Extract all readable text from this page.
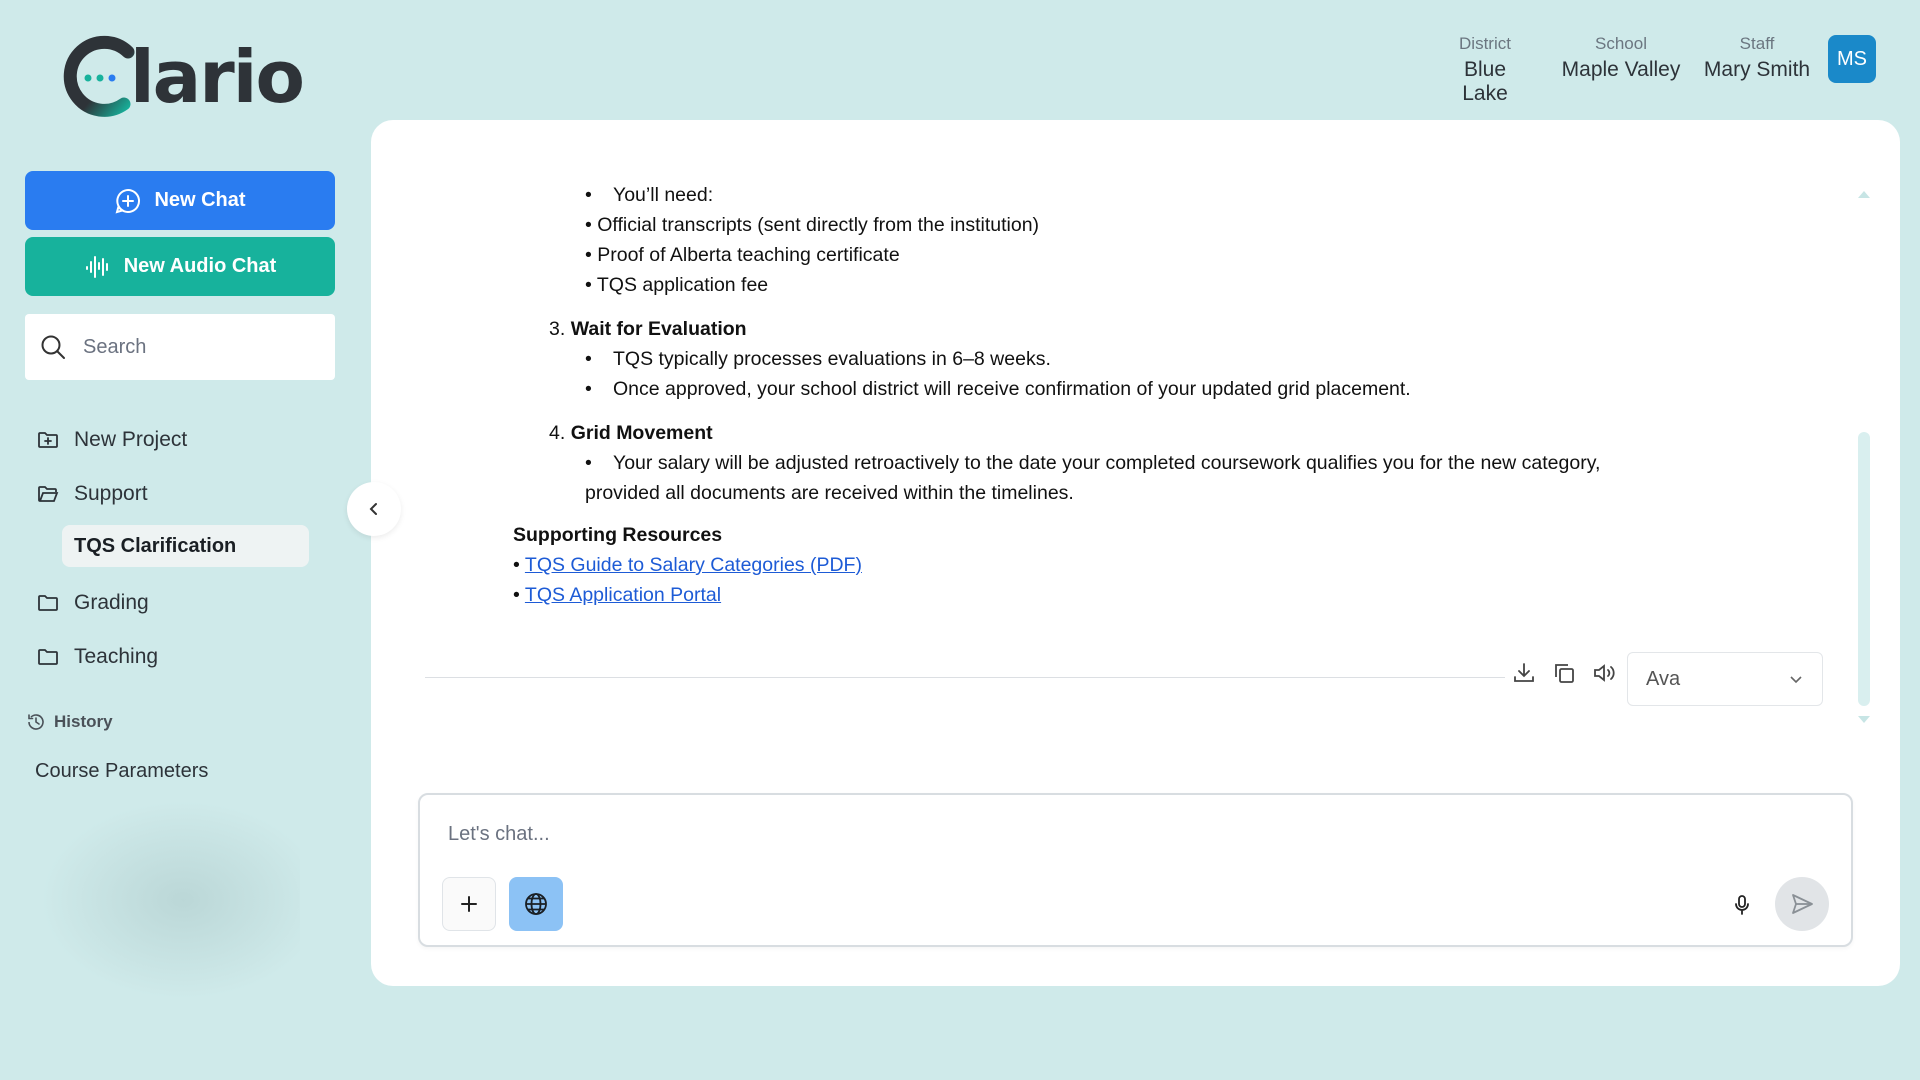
lario
New Chat
New Audio Chat
Search
New Project
Support
TQS Clarification
Grading
Teaching
History
Course Parameters
District
Blue Lake
School
Maple Valley
Staff
Mary Smith	MS
• You’ll need:
• Official transcripts (sent directly from the institution)
• Proof of Alberta teaching certificate
• TQS application fee
3. Wait for Evaluation
• TQS typically processes evaluations in 6–8 weeks.
• Once approved, your school district will receive confirmation of your updated grid placement.
4. Grid Movement
• Your salary will be adjusted retroactively to the date your completed coursework qualifies you for the new category,
provided all documents are received within the timelines.
Supporting Resources
• TQS Guide to Salary Categories (PDF)
• TQS Application Portal
Ava
Let's chat...
